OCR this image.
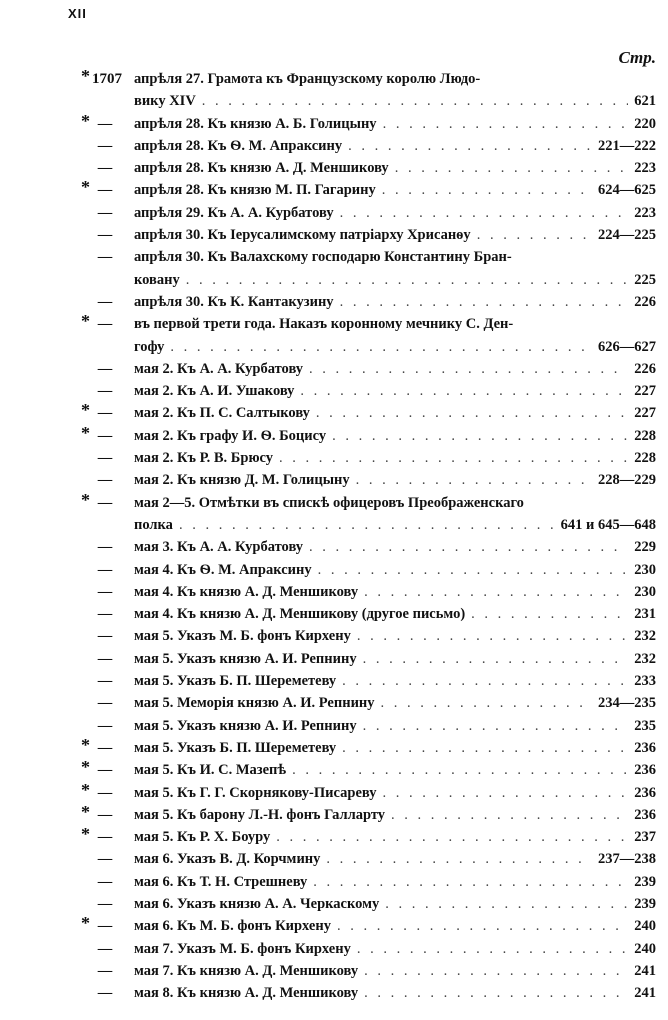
XII
Стр.
* 1707 апрѣля 27. Грамота къ Французскому королю Людо-
вику XIV . . .	621
* — апрѣля 28. Къ князю А. Б. Голицыну . . .	220
— апрѣля 28. Къ Ѳ. М. Апраксину . . .	221—222
— апрѣля 28. Къ князю А. Д. Меншикову . . .	223
* — апрѣля 28. Къ князю М. П. Гагарину . . .	624—625
— апрѣля 29. Къ А. А. Курбатову . . .	223
— апрѣля 30. Къ Іерусалимскому патріарху Хрисанѳу . . .	224—225
— апрѣля 30. Къ Валахскому господарю Константину Бран-
ковану . . .	225
— апрѣля 30. Къ К. Кантакузину . . .	226
* — въ первой трети года. Наказъ коронному мечнику С. Ден-
гофу . . .	626—627
— мая 2. Къ А. А. Курбатову . . .	226
— мая 2. Къ А. И. Ушакову . . .	227
* — мая 2. Къ П. С. Салтыкову . . .	227
* — мая 2. Къ графу И. Ѳ. Боцису . . .	228
— мая 2. Къ Р. В. Брюсу . . .	228
— мая 2. Къ князю Д. М. Голицыну . . .	228—229
* — мая 2—5. Отмѣтки въ спискѣ офицеровъ Преображенскаго
полка . . .	641 и 645—648
— мая 3. Къ А. А. Курбатову . . .	229
— мая 4. Къ Ѳ. М. Апраксину . . .	230
— мая 4. Къ князю А. Д. Меншикову . . .	230
— мая 4. Къ князю А. Д. Меншикову (другое письмо) . . .	231
— мая 5. Указъ М. Б. фонъ Кирхену . . .	232
— мая 5. Указъ князю А. И. Репнину . . .	232
— мая 5. Указъ Б. П. Шереметеву . . .	233
— мая 5. Меморія князю А. И. Репнину . . .	234—235
— мая 5. Указъ князю А. И. Репнину . . .	235
* — мая 5. Указъ Б. П. Шереметеву . . .	236
* — мая 5. Къ И. С. Мазепѣ . . .	236
* — мая 5. Къ Г. Г. Скорнякову-Писареву . . .	236
* — мая 5. Къ барону Л.-Н. фонъ Галларту . . .	236
* — мая 5. Къ Р. Х. Боуру . . .	237
— мая 6. Указъ В. Д. Корчмину . . .	237—238
— мая 6. Къ Т. Н. Стрешневу . . .	239
— мая 6. Указъ князю А. А. Черкаскому . . .	239
* — мая 6. Къ М. Б. фонъ Кирхену . . .	240
— мая 7. Указъ М. Б. фонъ Кирхену . . .	240
— мая 7. Къ князю А. Д. Меншикову . . .	241
— мая 8. Къ князю А. Д. Меншикову . . .	241
